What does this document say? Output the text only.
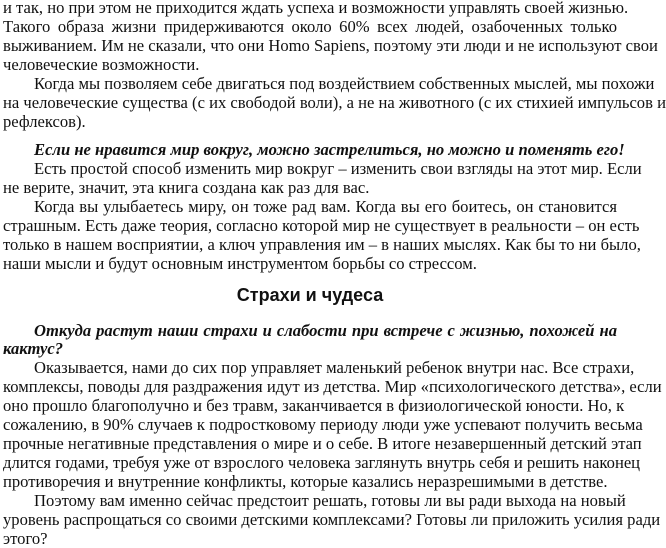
и так, но при этом не приходится ждать успеха и возможности управлять своей жизнью.
Такого образа жизни придерживаются около 60% всех людей, озабоченных только
выживанием. Им не сказали, что они Homo Sapiens, поэтому эти люди и не используют свои
человеческие возможности.
Когда мы позволяем себе двигаться под воздействием собственных мыслей, мы похожи
на человеческие существа (с их свободой воли), а не на животного (с их стихией импульсов и
рефлексов).
Если не нравится мир вокруг, можно застрелиться, но можно и поменять его!
Есть простой способ изменить мир вокруг – изменить свои взгляды на этот мир. Если
не верите, значит, эта книга создана как раз для вас.
Когда вы улыбаетесь миру, он тоже рад вам. Когда вы его боитесь, он становится
страшным. Есть даже теория, согласно которой мир не существует в реальности – он есть
только в нашем восприятии, а ключ управления им – в наших мыслях. Как бы то ни было,
наши мысли и будут основным инструментом борьбы со стрессом.
Страхи и чудеса
Откуда растут наши страхи и слабости при встрече с жизнью, похожей на
кактус?
Оказывается, нами до сих пор управляет маленький ребенок внутри нас. Все страхи,
комплексы, поводы для раздражения идут из детства. Мир «психологического детства», если
оно прошло благополучно и без травм, заканчивается в физиологической юности. Но, к
сожалению, в 90% случаев к подростковому периоду люди уже успевают получить весьма
прочные негативные представления о мире и о себе. В итоге незавершенный детский этап
длится годами, требуя уже от взрослого человека заглянуть внутрь себя и решить наконец
противоречия и внутренние конфликты, которые казались неразрешимыми в детстве.
Поэтому вам именно сейчас предстоит решать, готовы ли вы ради выхода на новый
уровень распрощаться со своими детскими комплексами? Готовы ли приложить усилия ради
этого?
